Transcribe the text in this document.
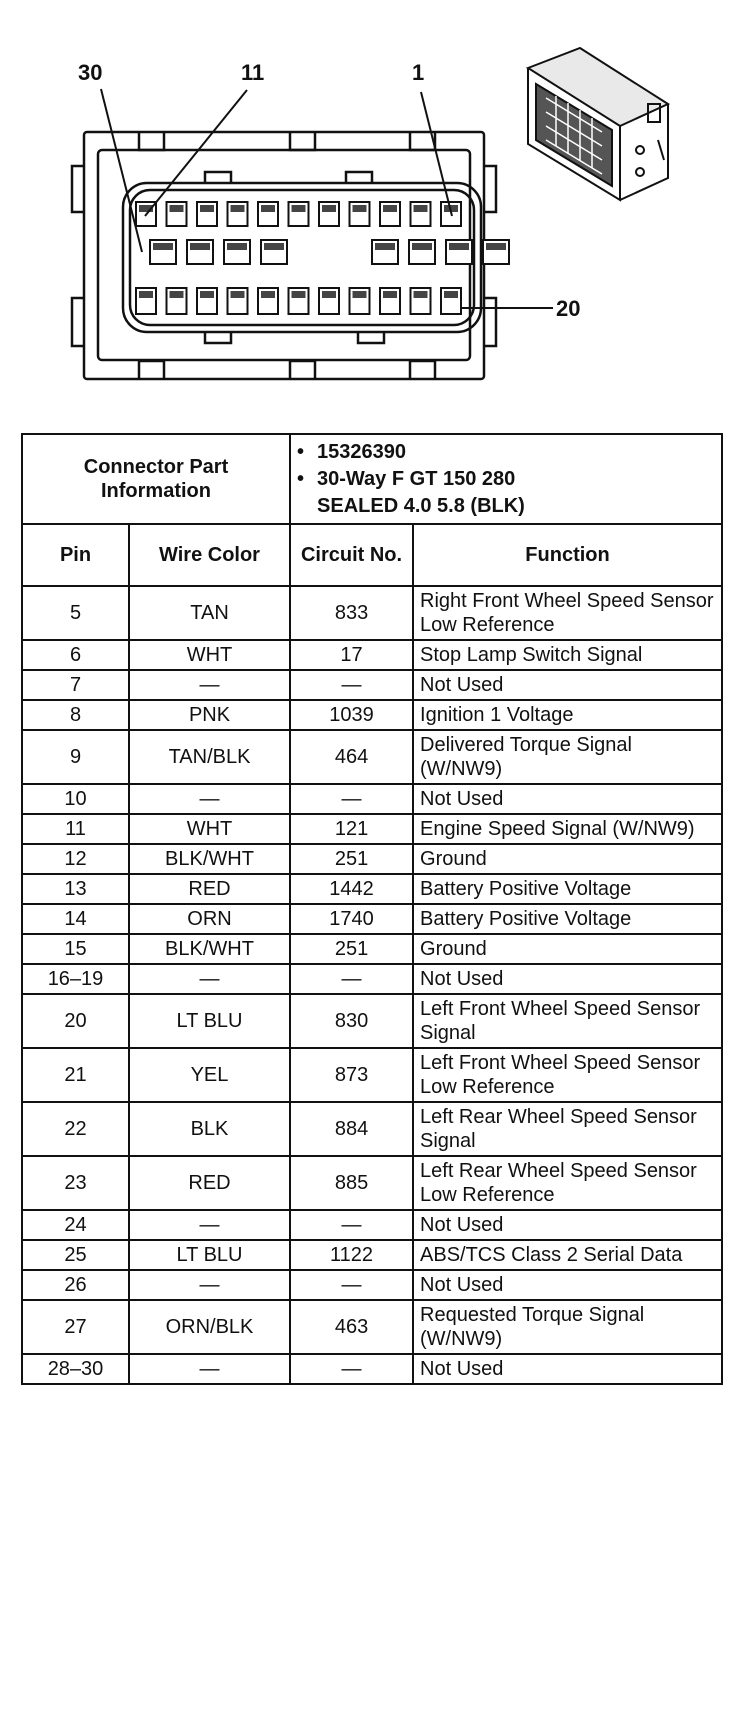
30	11	1
20
Connector Part Information		• 15326390
• 30-Way F GT 150 280
SEALED 4.0 5.8 (BLK)	

Pin	Wire Color	Circuit No.	Function
5	TAN	833	Right Front Wheel Speed Sensor Low Reference
6	WHT	17	Stop Lamp Switch Signal
7	—	—	Not Used
8	PNK	1039	Ignition 1 Voltage
9	TAN/BLK	464	Delivered Torque Signal (W/NW9)
10	—	—	Not Used
11	WHT	121	Engine Speed Signal (W/NW9)
12	BLK/WHT	251	Ground
13	RED	1442	Battery Positive Voltage
14	ORN	1740	Battery Positive Voltage
15	BLK/WHT	251	Ground
16–19	—	—	Not Used
20	LT BLU	830	Left Front Wheel Speed Sensor Signal
21	YEL	873	Left Front Wheel Speed Sensor Low Reference
22	BLK	884	Left Rear Wheel Speed Sensor Signal
23	RED	885	Left Rear Wheel Speed Sensor Low Reference
24	—	—	Not Used
25	LT BLU	1122	ABS/TCS Class 2 Serial Data
26	—	—	Not Used
27	ORN/BLK	463	Requested Torque Signal (W/NW9)
28–30	—	—	Not Used
